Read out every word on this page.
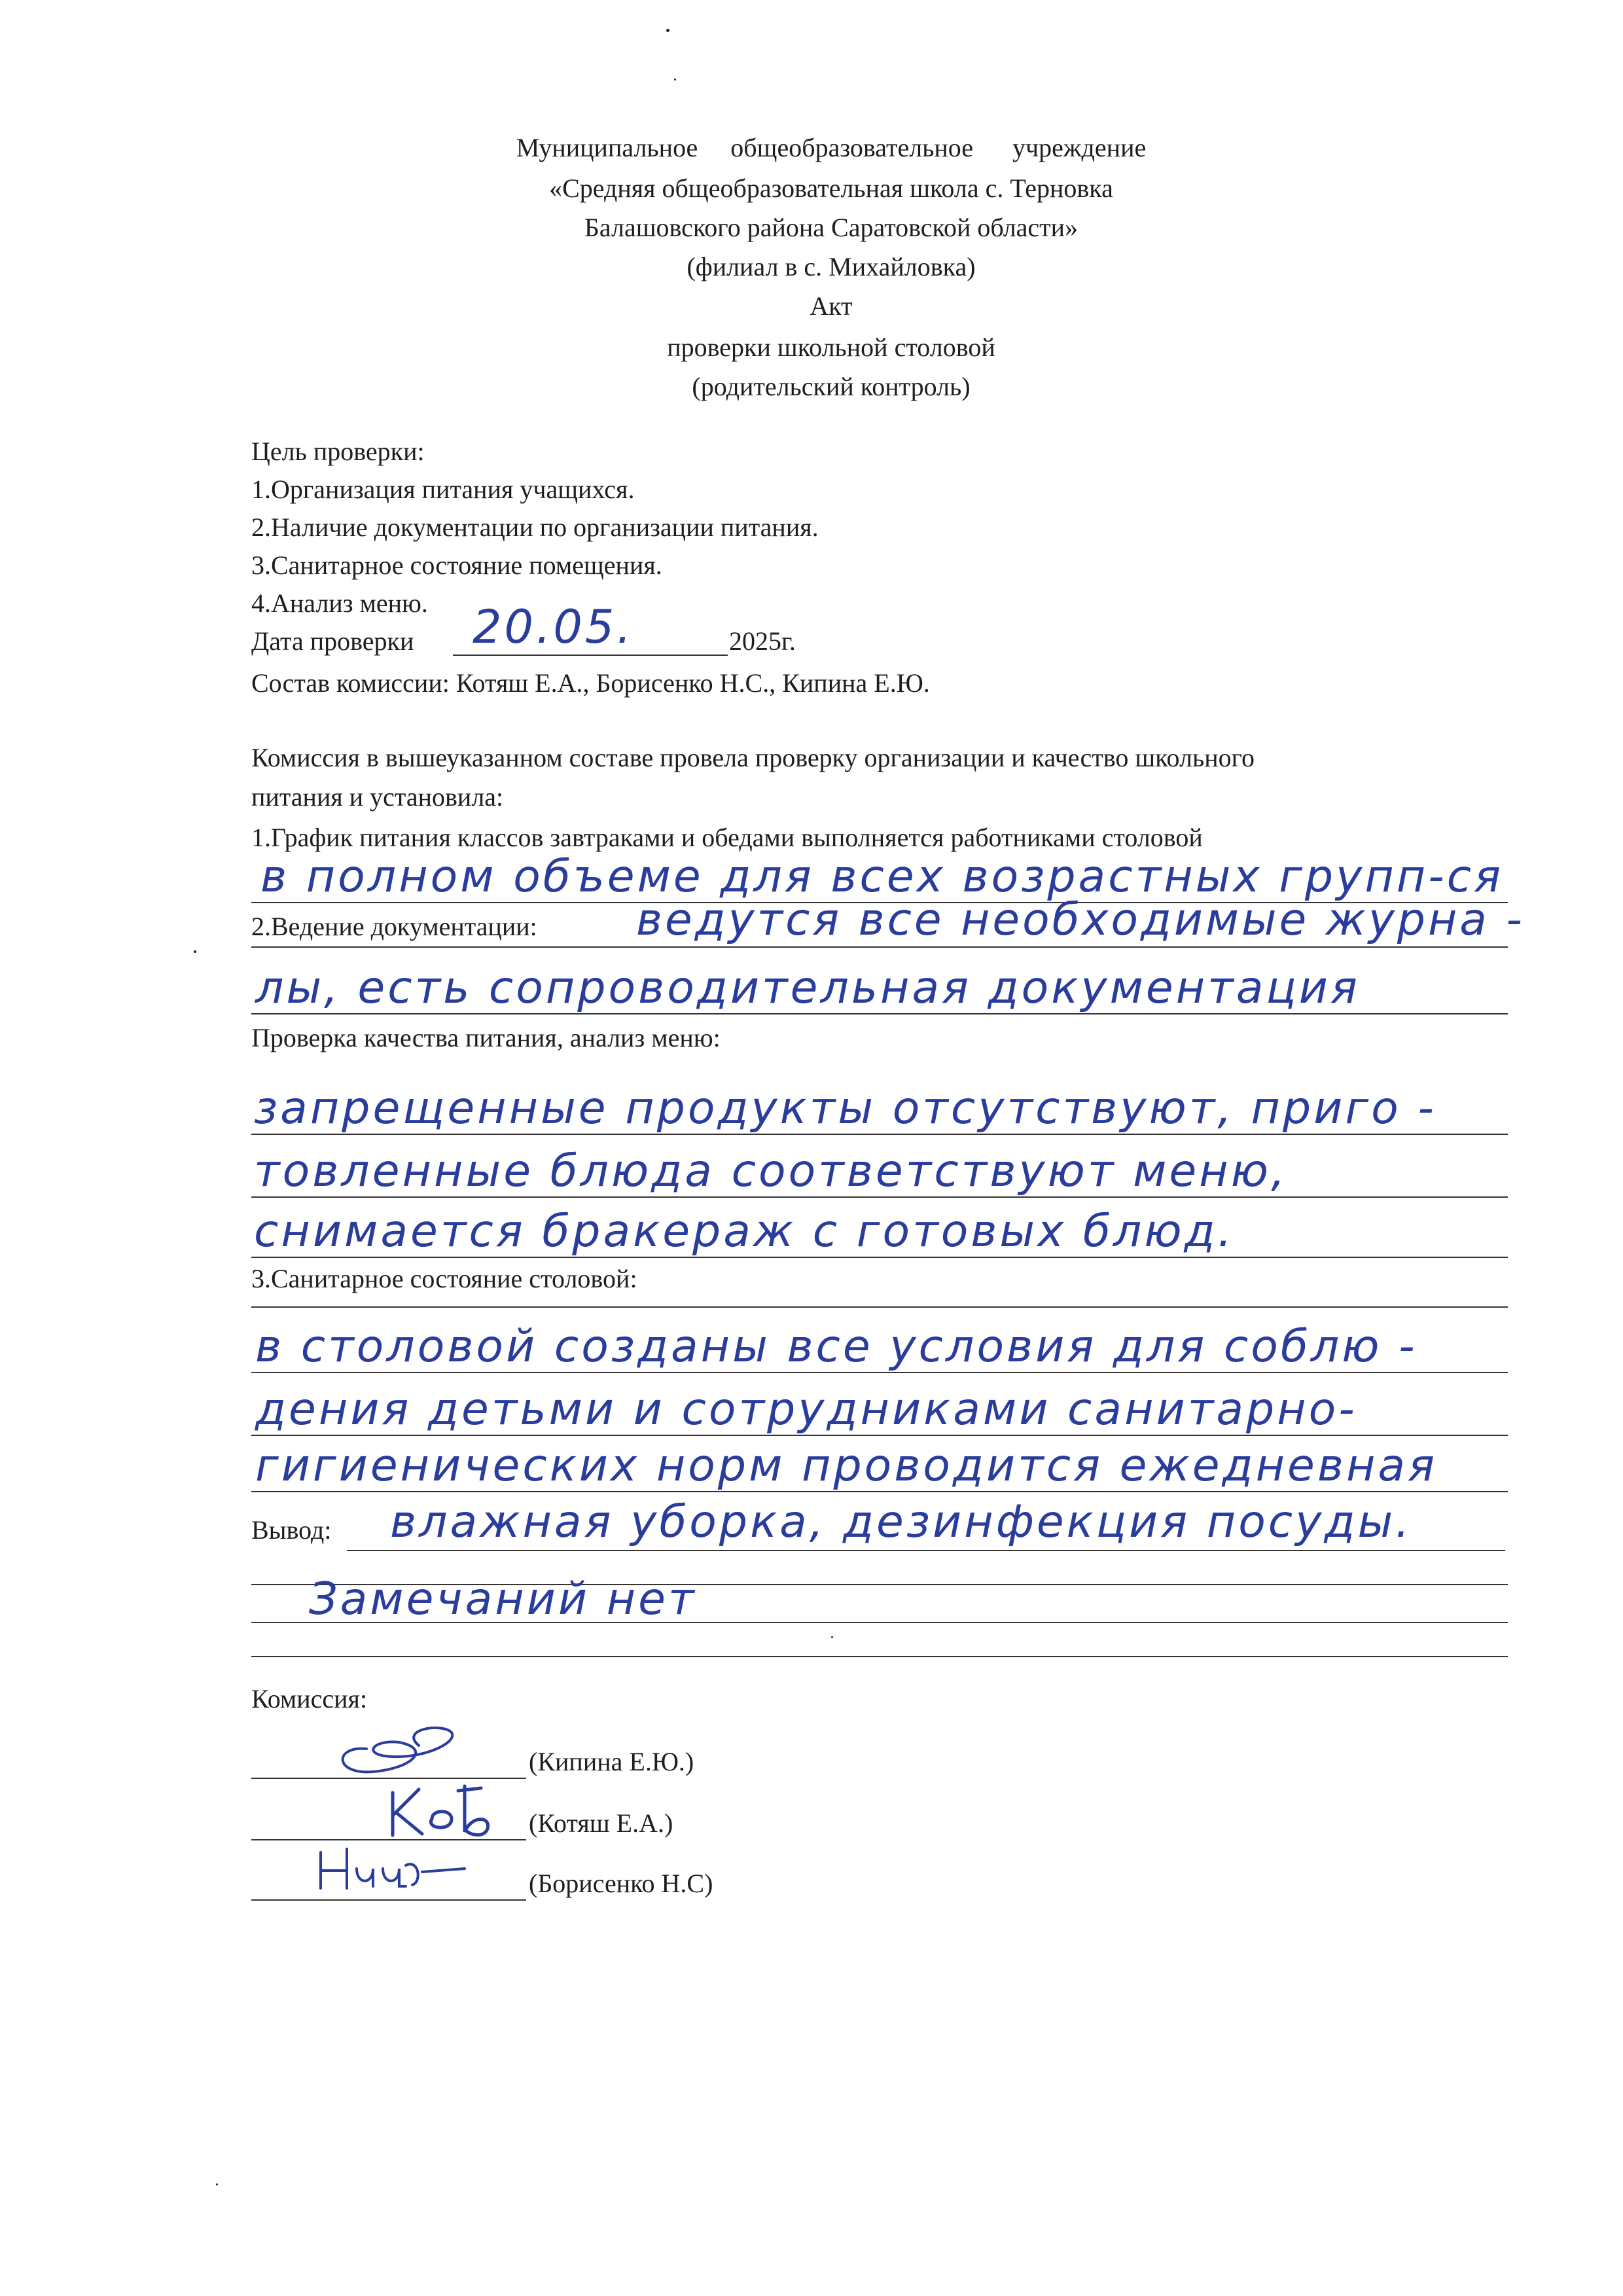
Муниципальное     общеобразовательное      учреждение
«Средняя общеобразовательная школа с. Терновка
Балашовского района Саратовской области»
(филиал в с. Михайловка)
Акт
проверки школьной столовой
(родительский контроль)
Цель проверки:
1.Организация питания учащихся.
2.Наличие документации по организации питания.
3.Санитарное состояние помещения.
4.Анализ меню.
Дата проверки 20.05.	2025г.
Состав комиссии: Котяш Е.А., Борисенко Н.С., Кипина Е.Ю.
Комиссия в вышеуказанном составе провела проверку организации и качество школьного
питания и установила:
1.График питания классов завтраками и обедами выполняется работниками столовой
в полном объеме для всех возрастных групп-ся
2.Ведение документации: ведутся все необходимые журна -
лы, есть сопроводительная документация
Проверка качества питания, анализ меню:
запрещенные продукты отсутствуют, приго -
товленные блюда соответствуют меню,
снимается бракераж с готовых блюд.
3.Санитарное состояние столовой:
в столовой созданы все условия для соблю -
дения детьми и сотрудниками санитарно-
гигиенических норм проводится ежедневная
Вывод: влажная уборка, дезинфекция посуды.
Замечаний нет
Комиссия:
(Кипина Е.Ю.)
(Котяш Е.А.)
(Борисенко Н.С)
